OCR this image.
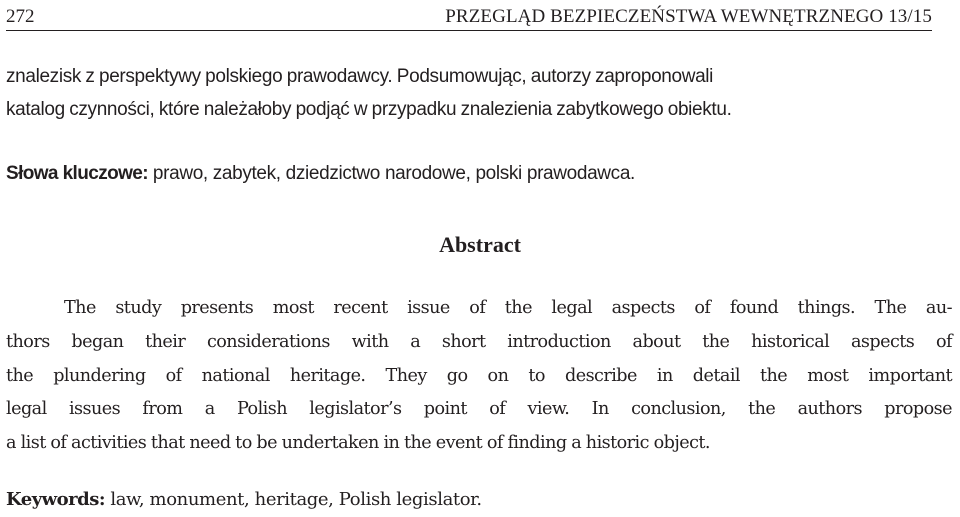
272	PRZEGLĄD BEZPIECZEŃSTWA WEWNĘTRZNEGO 13/15

znalezisk z perspektywy polskiego prawodawcy. Podsumowując, autorzy zaproponowali
katalog czynności, które należałoby podjąć w przypadku znalezienia zabytkowego obiektu.

Słowa kluczowe: prawo, zabytek, dziedzictwo narodowe, polski prawodawca.

Abstract

The study presents most recent issue of the legal aspects of found things. The au-
thors began their considerations with a short introduction about the historical aspects of
the plundering of national heritage. They go on to describe in detail the most important
legal issues from a Polish legislator’s point of view. In conclusion, the authors propose
a list of activities that need to be undertaken in the event of finding a historic object.

Keywords: law, monument, heritage, Polish legislator.
